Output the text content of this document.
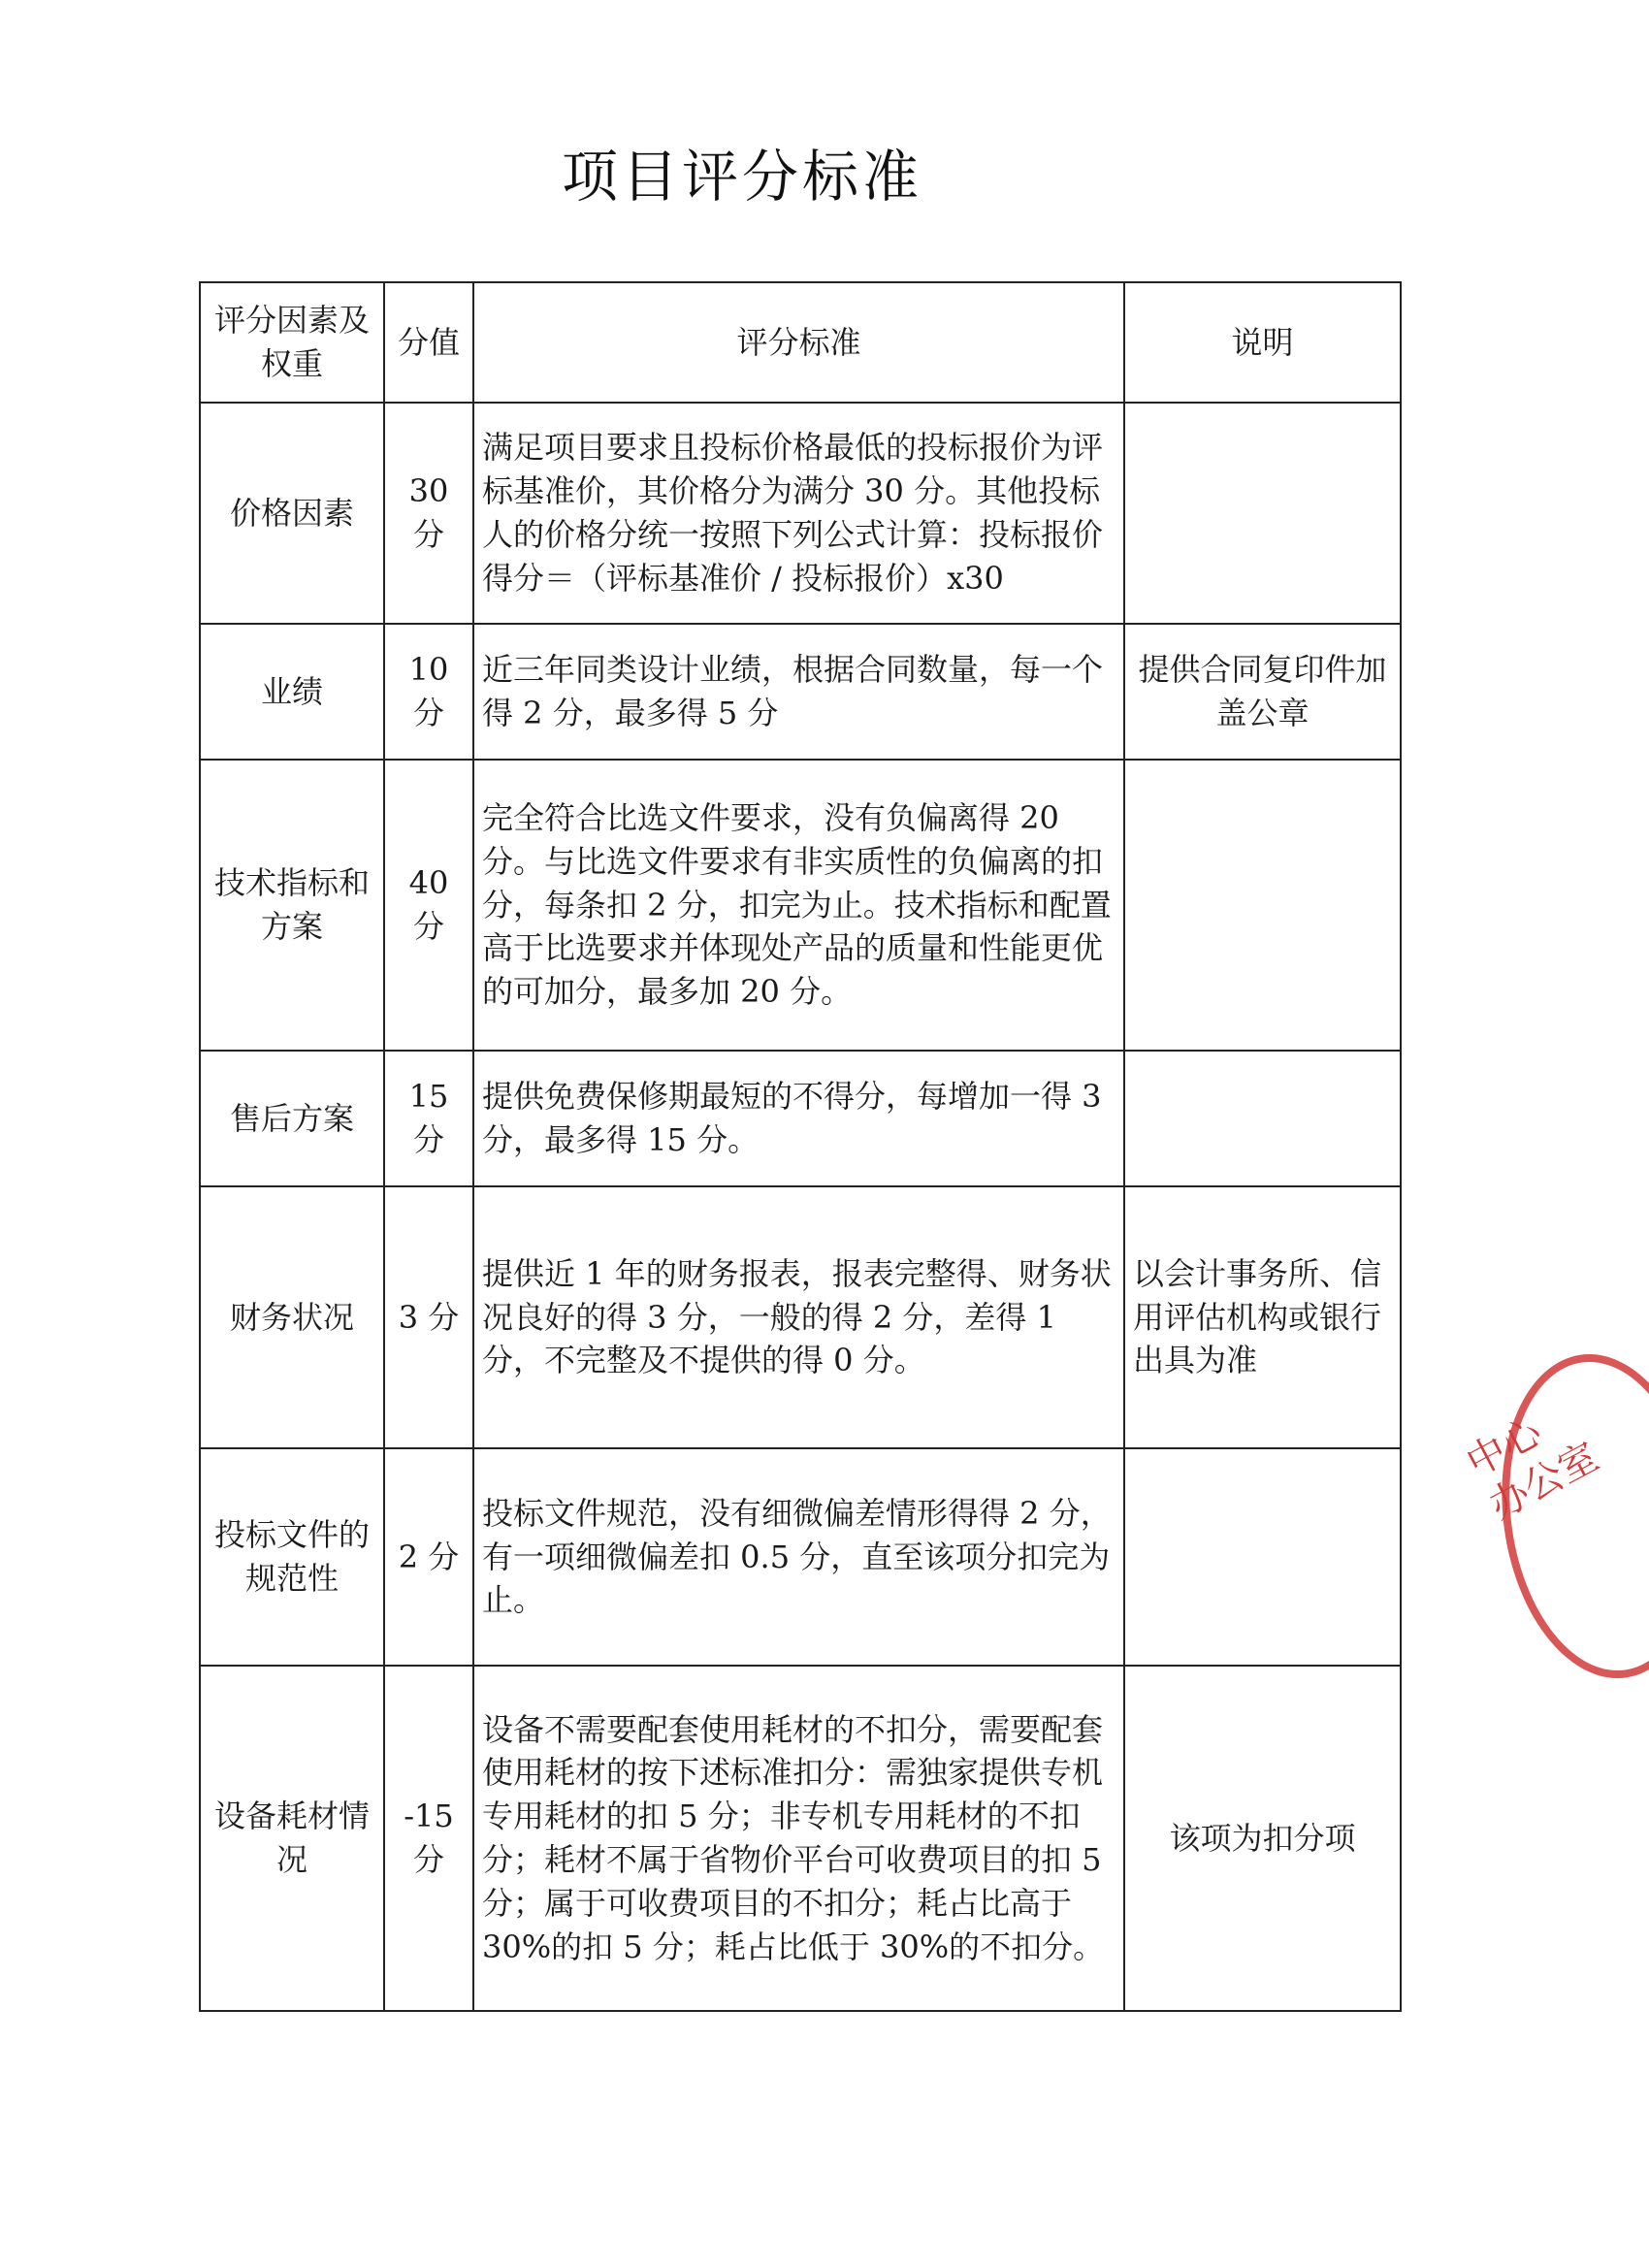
项目评分标准
评分因素及权重	分值	评分标准	说明
价格因素	30 分	满足项目要求且投标价格最低的投标报价为评标基准价，其价格分为满分 30 分。其他投标人的价格分统一按照下列公式计算：投标报价得分＝（评标基准价 / 投标报价）x30	
业绩	10 分	近三年同类设计业绩，根据合同数量，每一个得 2 分，最多得 5 分	提供合同复印件加盖公章
技术指标和方案	40 分	完全符合比选文件要求，没有负偏离得 20 分。与比选文件要求有非实质性的负偏离的扣分，每条扣 2 分，扣完为止。技术指标和配置高于比选要求并体现处产品的质量和性能更优的可加分，最多加 20 分。	
售后方案	15 分	提供免费保修期最短的不得分，每增加一得 3 分，最多得 15 分。	
财务状况	3 分	提供近 1 年的财务报表，报表完整得、财务状况良好的得 3 分，一般的得 2 分，差得 1 分，不完整及不提供的得 0 分。	以会计事务所、信用评估机构或银行出具为准
投标文件的规范性	2 分	投标文件规范，没有细微偏差情形得得 2 分，有一项细微偏差扣 0.5 分，直至该项分扣完为止。	
设备耗材情况	-15 分	设备不需要配套使用耗材的不扣分，需要配套使用耗材的按下述标准扣分：需独家提供专机专用耗材的扣 5 分；非专机专用耗材的不扣分；耗材不属于省物价平台可收费项目的扣 5 分；属于可收费项目的不扣分；耗占比高于 30%的扣 5 分；耗占比低于 30%的不扣分。	该项为扣分项
中心 办公室
